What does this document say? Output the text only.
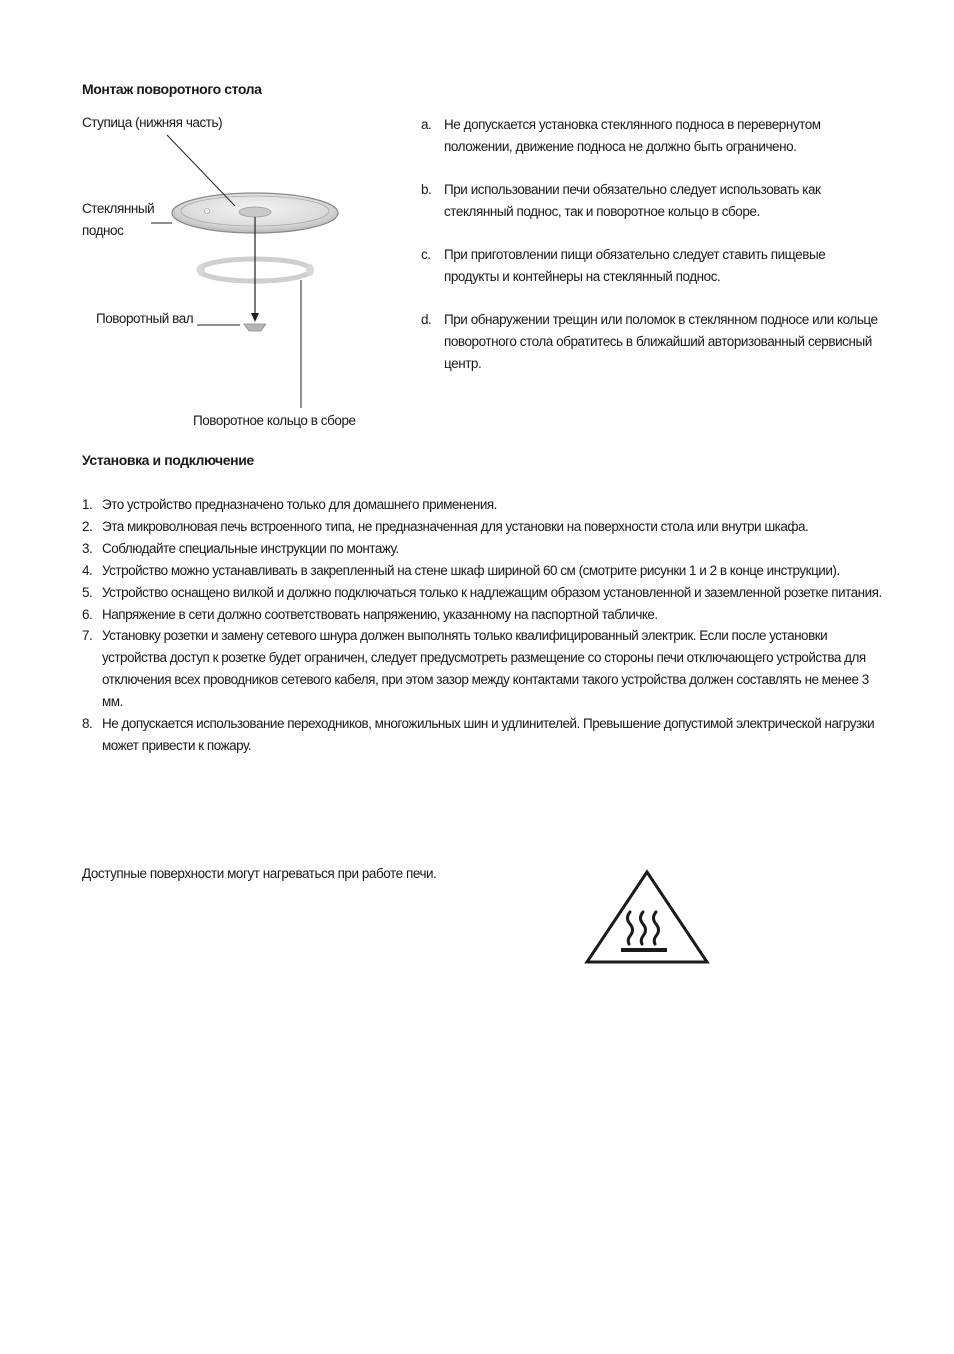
Монтаж поворотного стола
Ступица (нижняя часть)
Стеклянный
поднос
Поворотный вал
Поворотное кольцо в сборе
a. Не допускается установка стеклянного подноса в перевернутом положении, движение подноса не должно быть ограничено.
b. При использовании печи обязательно следует использовать как стеклянный поднос, так и поворотное кольцо в сборе.
c. При приготовлении пищи обязательно следует ставить пищевые продукты и контейнеры на стеклянный поднос.
d. При обнаружении трещин или поломок в стеклянном подносе или кольце поворотного стола обратитесь в ближайший авторизованный сервисный центр.
Установка и подключение
1. Это устройство предназначено только для домашнего применения.
2. Эта микроволновая печь встроенного типа, не предназначенная для установки на поверхности стола или внутри шкафа.
3. Соблюдайте специальные инструкции по монтажу.
4. Устройство можно устанавливать в закрепленный на стене шкаф шириной 60 см (смотрите рисунки 1 и 2 в конце инструкции).
5. Устройство оснащено вилкой и должно подключаться только к надлежащим образом установленной и заземленной розетке питания.
6. Напряжение в сети должно соответствовать напряжению, указанному на паспортной табличке.
7. Установку розетки и замену сетевого шнура должен выполнять только квалифицированный электрик. Если после установки устройства доступ к розетке будет ограничен, следует предусмотреть размещение со стороны печи отключающего устройства для отключения всех проводников сетевого кабеля, при этом зазор между контактами такого устройства должен составлять не менее 3 мм.
8. Не допускается использование переходников, многожильных шин и удлинителей. Превышение допустимой электрической нагрузки может привести к пожару.
Доступные поверхности могут нагреваться при работе печи.
